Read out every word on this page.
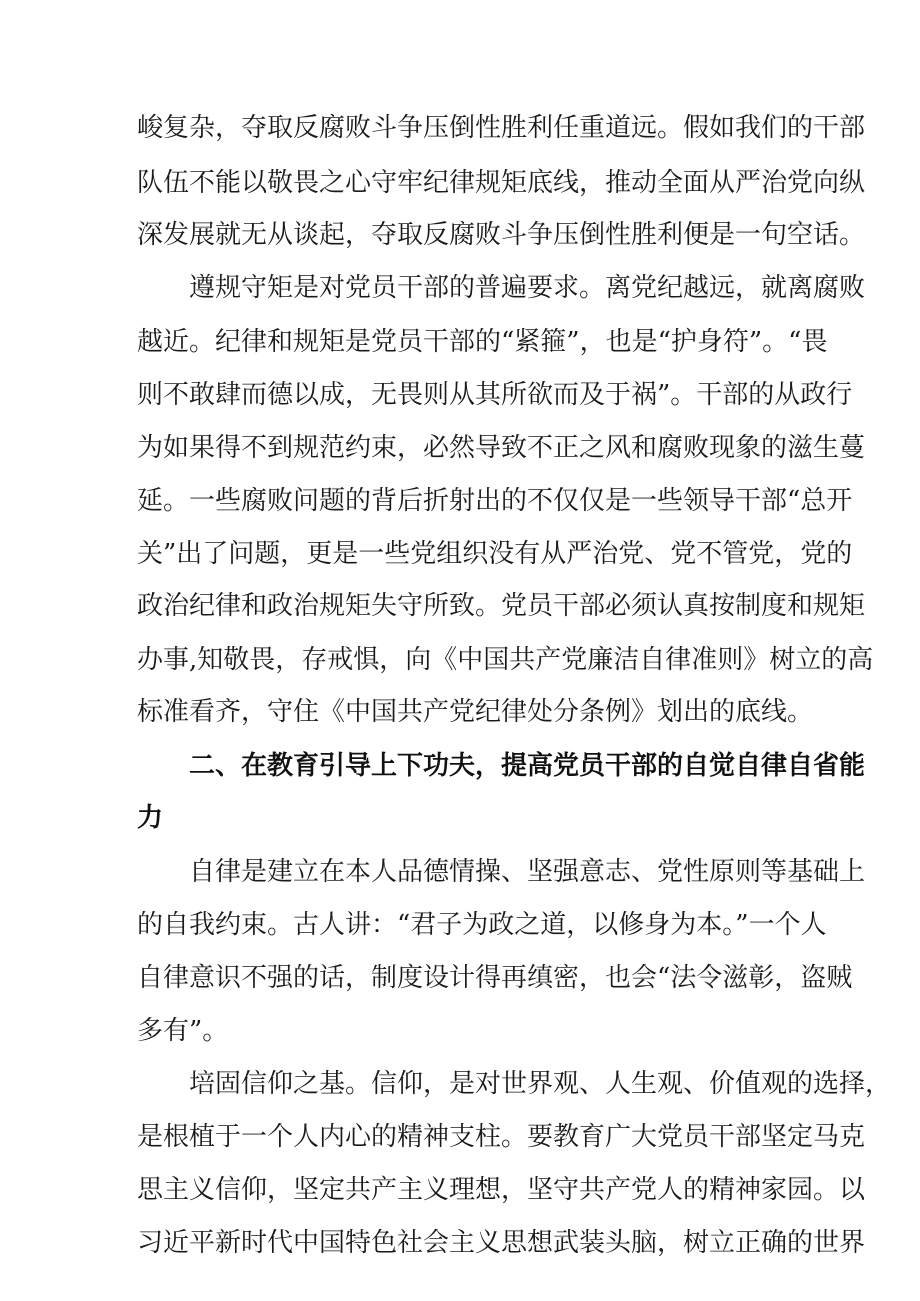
峻复杂，夺取反腐败斗争压倒性胜利任重道远。假如我们的干部
队伍不能以敬畏之心守牢纪律规矩底线，推动全面从严治党向纵
深发展就无从谈起，夺取反腐败斗争压倒性胜利便是一句空话。
遵规守矩是对党员干部的普遍要求。离党纪越远，就离腐败
越近。纪律和规矩是党员干部的“紧箍”，也是“护身符”。“畏
则不敢肆而德以成，无畏则从其所欲而及于祸”。干部的从政行
为如果得不到规范约束，必然导致不正之风和腐败现象的滋生蔓
延。一些腐败问题的背后折射出的不仅仅是一些领导干部“总开
关”出了问题，更是一些党组织没有从严治党、党不管党，党的
政治纪律和政治规矩失守所致。党员干部必须认真按制度和规矩
办事,知敬畏，存戒惧，向《中国共产党廉洁自律准则》树立的高
标准看齐，守住《中国共产党纪律处分条例》划出的底线。
二、在教育引导上下功夫，提高党员干部的自觉自律自省能
力
自律是建立在本人品德情操、坚强意志、党性原则等基础上
的自我约束。古人讲：“君子为政之道，以修身为本。”一个人
自律意识不强的话，制度设计得再缜密，也会“法令滋彰，盗贼
多有”。
培固信仰之基。信仰，是对世界观、人生观、价值观的选择，
是根植于一个人内心的精神支柱。要教育广大党员干部坚定马克
思主义信仰，坚定共产主义理想，坚守共产党人的精神家园。以
习近平新时代中国特色社会主义思想武装头脑，树立正确的世界
